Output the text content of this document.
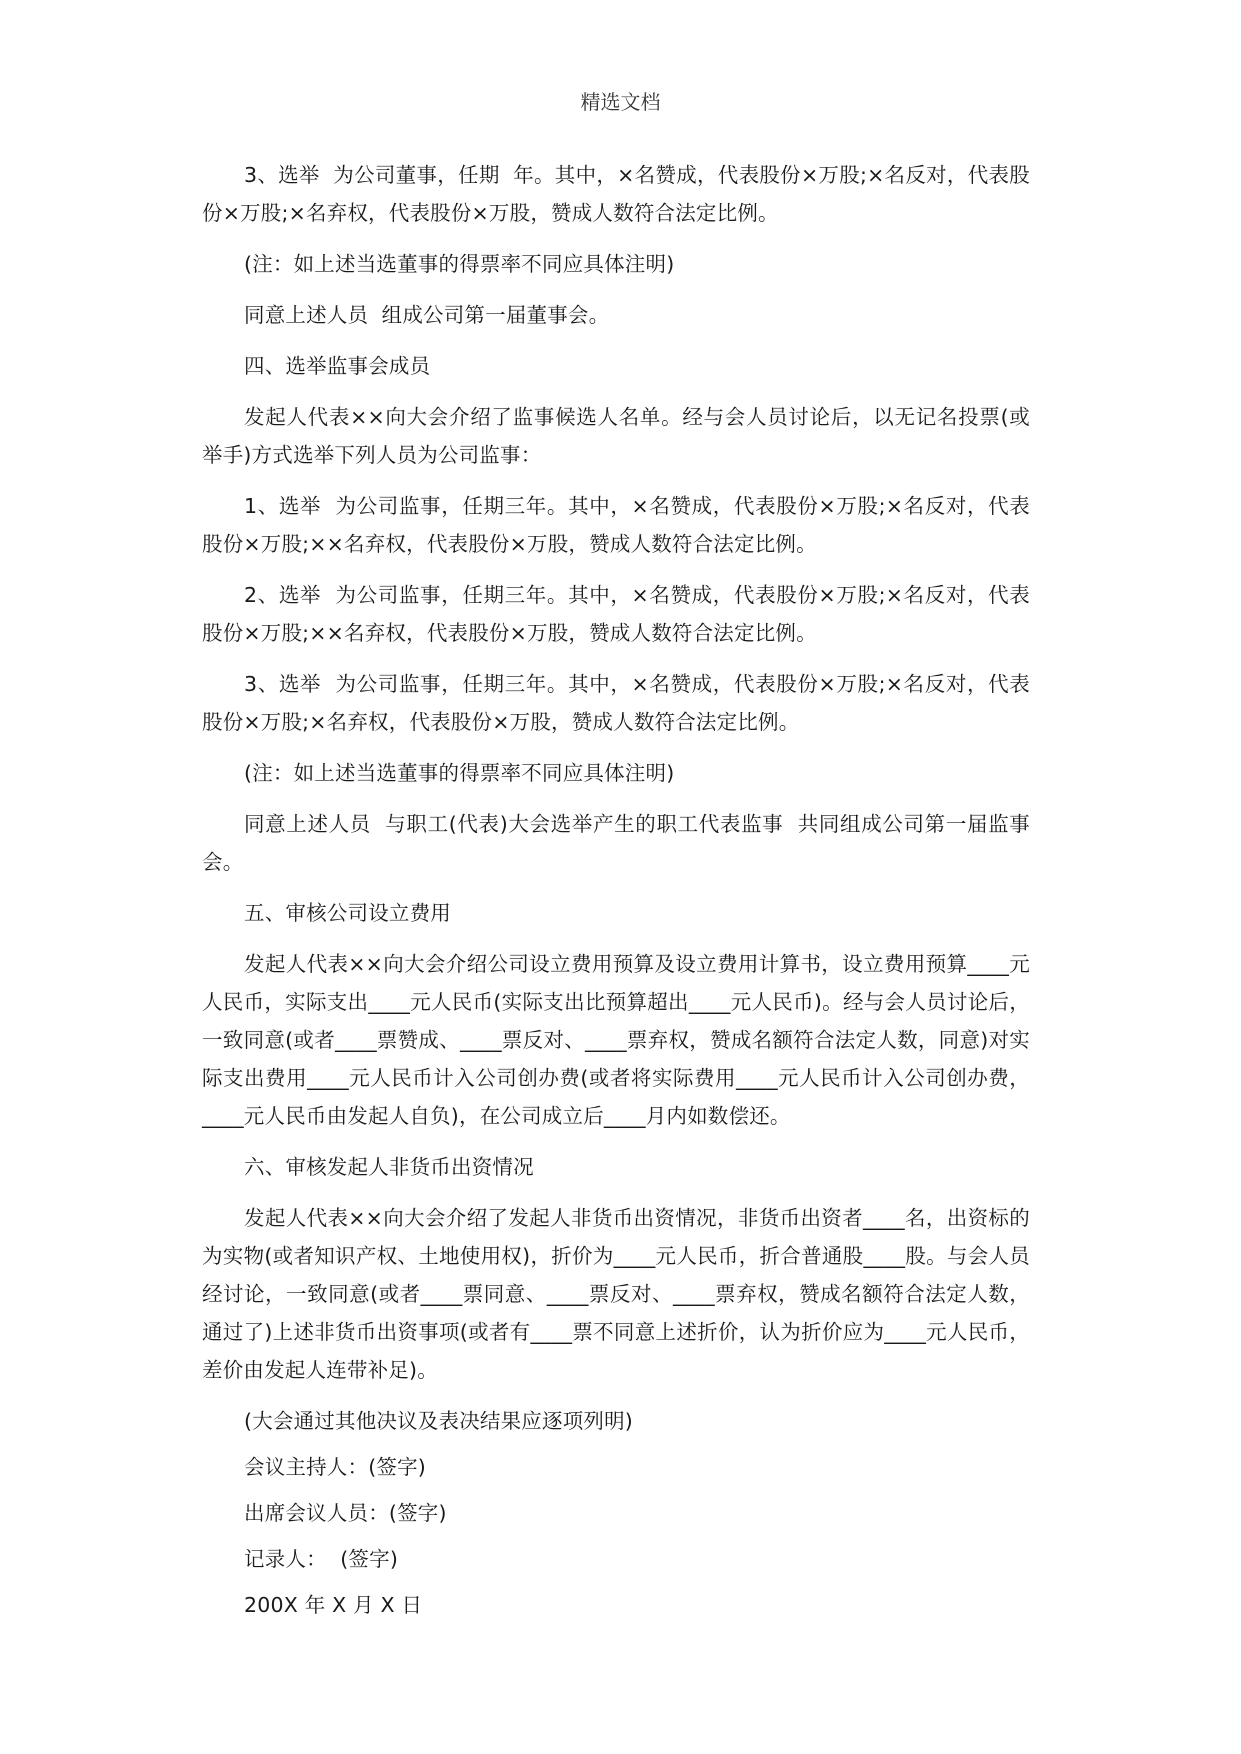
精选文档

3、选举  为公司董事，任期  年。其中，×名赞成，代表股份×万股;×名反对，代表股份×万股;×名弃权，代表股份×万股，赞成人数符合法定比例。

(注：如上述当选董事的得票率不同应具体注明)

同意上述人员  组成公司第一届董事会。

四、选举监事会成员

发起人代表××向大会介绍了监事候选人名单。经与会人员讨论后，以无记名投票(或举手)方式选举下列人员为公司监事：

1、选举  为公司监事，任期三年。其中，×名赞成，代表股份×万股;×名反对，代表股份×万股;××名弃权，代表股份×万股，赞成人数符合法定比例。

2、选举  为公司监事，任期三年。其中，×名赞成，代表股份×万股;×名反对，代表股份×万股;××名弃权，代表股份×万股，赞成人数符合法定比例。

3、选举  为公司监事，任期三年。其中，×名赞成，代表股份×万股;×名反对，代表股份×万股;×名弃权，代表股份×万股，赞成人数符合法定比例。

(注：如上述当选董事的得票率不同应具体注明)

同意上述人员  与职工(代表)大会选举产生的职工代表监事  共同组成公司第一届监事会。

五、审核公司设立费用

发起人代表××向大会介绍公司设立费用预算及设立费用计算书，设立费用预算____元人民币，实际支出____元人民币(实际支出比预算超出____元人民币)。经与会人员讨论后，一致同意(或者____票赞成、____票反对、____票弃权，赞成名额符合法定人数，同意)对实际支出费用____元人民币计入公司创办费(或者将实际费用____元人民币计入公司创办费，____元人民币由发起人自负)，在公司成立后____月内如数偿还。

六、审核发起人非货币出资情况

发起人代表××向大会介绍了发起人非货币出资情况，非货币出资者____名，出资标的为实物(或者知识产权、土地使用权)，折价为____元人民币，折合普通股____股。与会人员经讨论，一致同意(或者____票同意、____票反对、____票弃权，赞成名额符合法定人数，通过了)上述非货币出资事项(或者有____票不同意上述折价，认为折价应为____元人民币，差价由发起人连带补足)。

(大会通过其他决议及表决结果应逐项列明)

会议主持人：(签字)

出席会议人员：(签字)

记录人：  (签字)

200X 年 X 月 X 日
